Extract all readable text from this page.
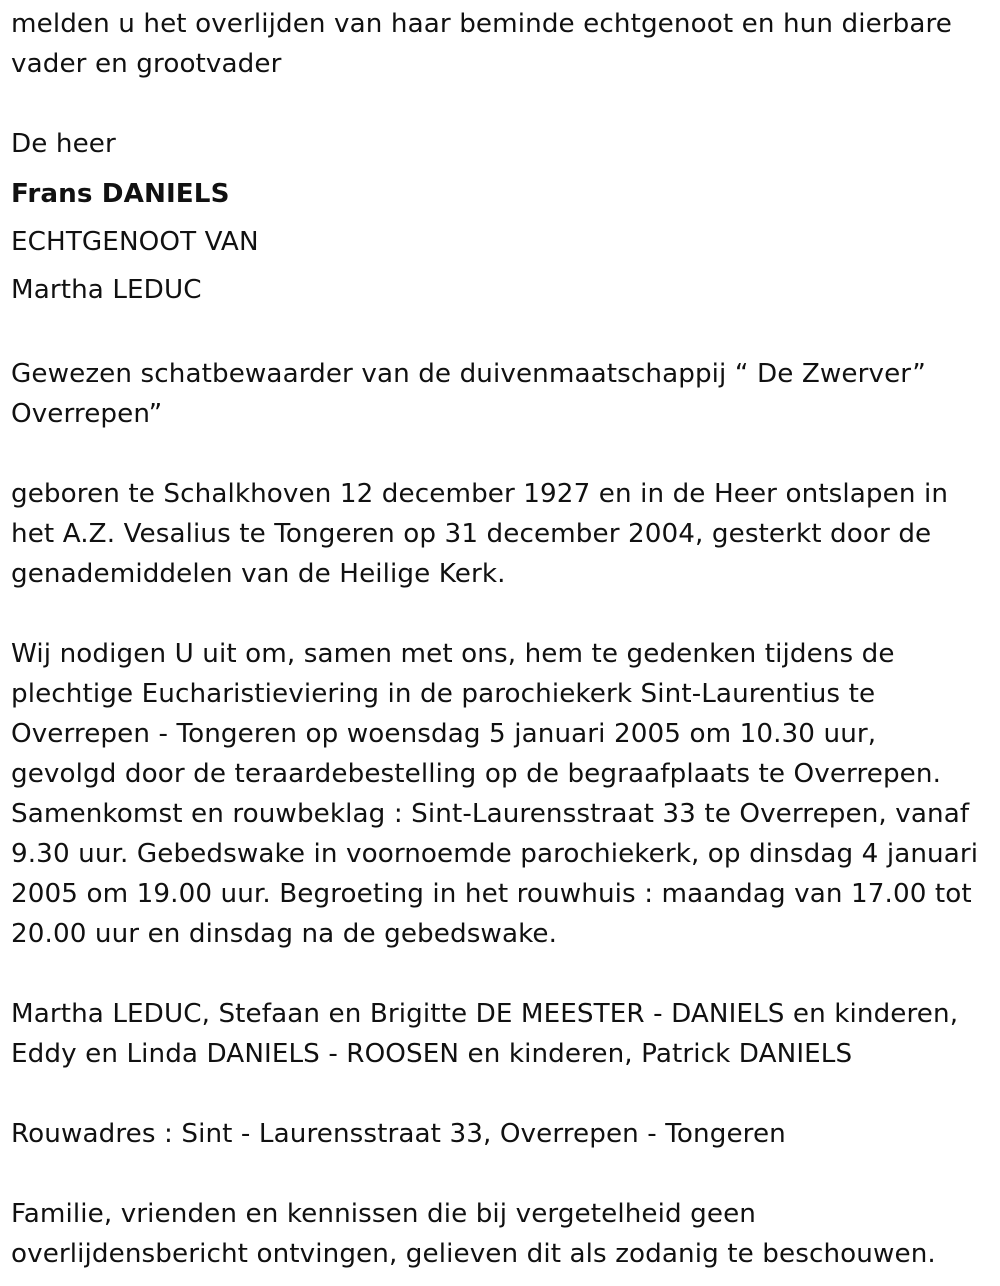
melden u het overlijden van haar beminde echtgenoot en hun dierbare
vader en grootvader
De heer
Frans DANIELS
ECHTGENOOT VAN
Martha LEDUC
Gewezen schatbewaarder van de duivenmaatschappij “ De Zwerver”
Overrepen”
geboren te Schalkhoven 12 december 1927 en in de Heer ontslapen in
het A.Z. Vesalius te Tongeren op 31 december 2004, gesterkt door de
genademiddelen van de Heilige Kerk.
Wij nodigen U uit om, samen met ons, hem te gedenken tijdens de
plechtige Eucharistieviering in de parochiekerk Sint-Laurentius te
Overrepen - Tongeren op woensdag 5 januari 2005 om 10.30 uur,
gevolgd door de teraardebestelling op de begraafplaats te Overrepen.
Samenkomst en rouwbeklag : Sint-Laurensstraat 33 te Overrepen, vanaf
9.30 uur. Gebedswake in voornoemde parochiekerk, op dinsdag 4 januari
2005 om 19.00 uur. Begroeting in het rouwhuis : maandag van 17.00 tot
20.00 uur en dinsdag na de gebedswake.
Martha LEDUC, Stefaan en Brigitte DE MEESTER - DANIELS en kinderen,
Eddy en Linda DANIELS - ROOSEN en kinderen, Patrick DANIELS
Rouwadres : Sint - Laurensstraat 33, Overrepen - Tongeren
Familie, vrienden en kennissen die bij vergetelheid geen
overlijdensbericht ontvingen, gelieven dit als zodanig te beschouwen.
